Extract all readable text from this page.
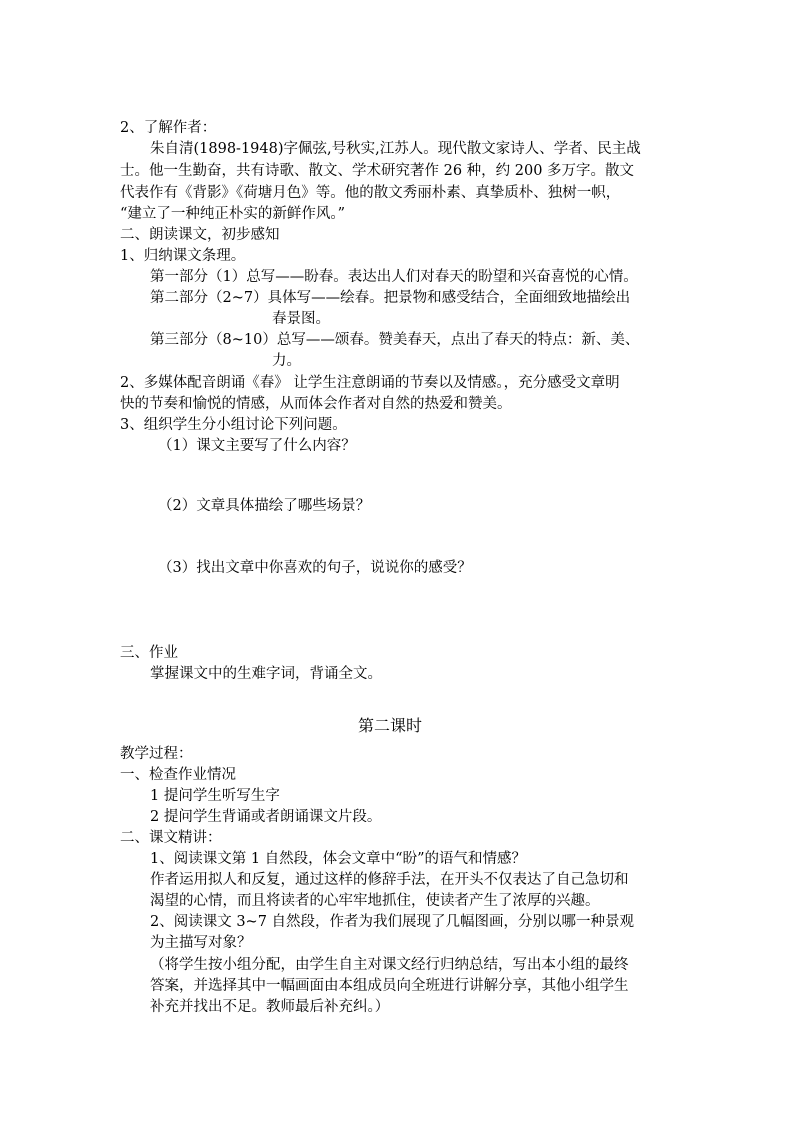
2、了解作者：
朱自清(1898-1948)字佩弦,号秋实,江苏人。现代散文家诗人、学者、民主战
士。他一生勤奋，共有诗歌、散文、学术研究著作 26 种，约 200 多万字。散文
代表作有《背影》《荷塘月色》等。他的散文秀丽朴素、真挚质朴、独树一帜，
“建立了一种纯正朴实的新鲜作风。”
二、朗读课文，初步感知
1、归纳课文条理。
第一部分（1）总写——盼春。表达出人们对春天的盼望和兴奋喜悦的心情。
第二部分（2~7）具体写——绘春。把景物和感受结合，全面细致地描绘出
春景图。
第三部分（8~10）总写——颂春。赞美春天，点出了春天的特点：新、美、
力。
2、多媒体配音朗诵《春》 让学生注意朗诵的节奏以及情感。，充分感受文章明
快的节奏和愉悦的情感，从而体会作者对自然的热爱和赞美。
3、组织学生分小组讨论下列问题。
（1）课文主要写了什么内容？
（2）文章具体描绘了哪些场景？
（3）找出文章中你喜欢的句子，说说你的感受？
三、作业
掌握课文中的生难字词，背诵全文。
第二课时
教学过程：
一、检查作业情况
1 提问学生听写生字
2 提问学生背诵或者朗诵课文片段。
二、课文精讲：
1、阅读课文第 1 自然段，体会文章中“盼”的语气和情感？
作者运用拟人和反复，通过这样的修辞手法，在开头不仅表达了自己急切和
渴望的心情，而且将读者的心牢牢地抓住，使读者产生了浓厚的兴趣。
2、阅读课文 3~7 自然段，作者为我们展现了几幅图画，分别以哪一种景观
为主描写对象？
（将学生按小组分配，由学生自主对课文经行归纳总结，写出本小组的最终
答案，并选择其中一幅画面由本组成员向全班进行讲解分享，其他小组学生
补充并找出不足。教师最后补充纠。）
